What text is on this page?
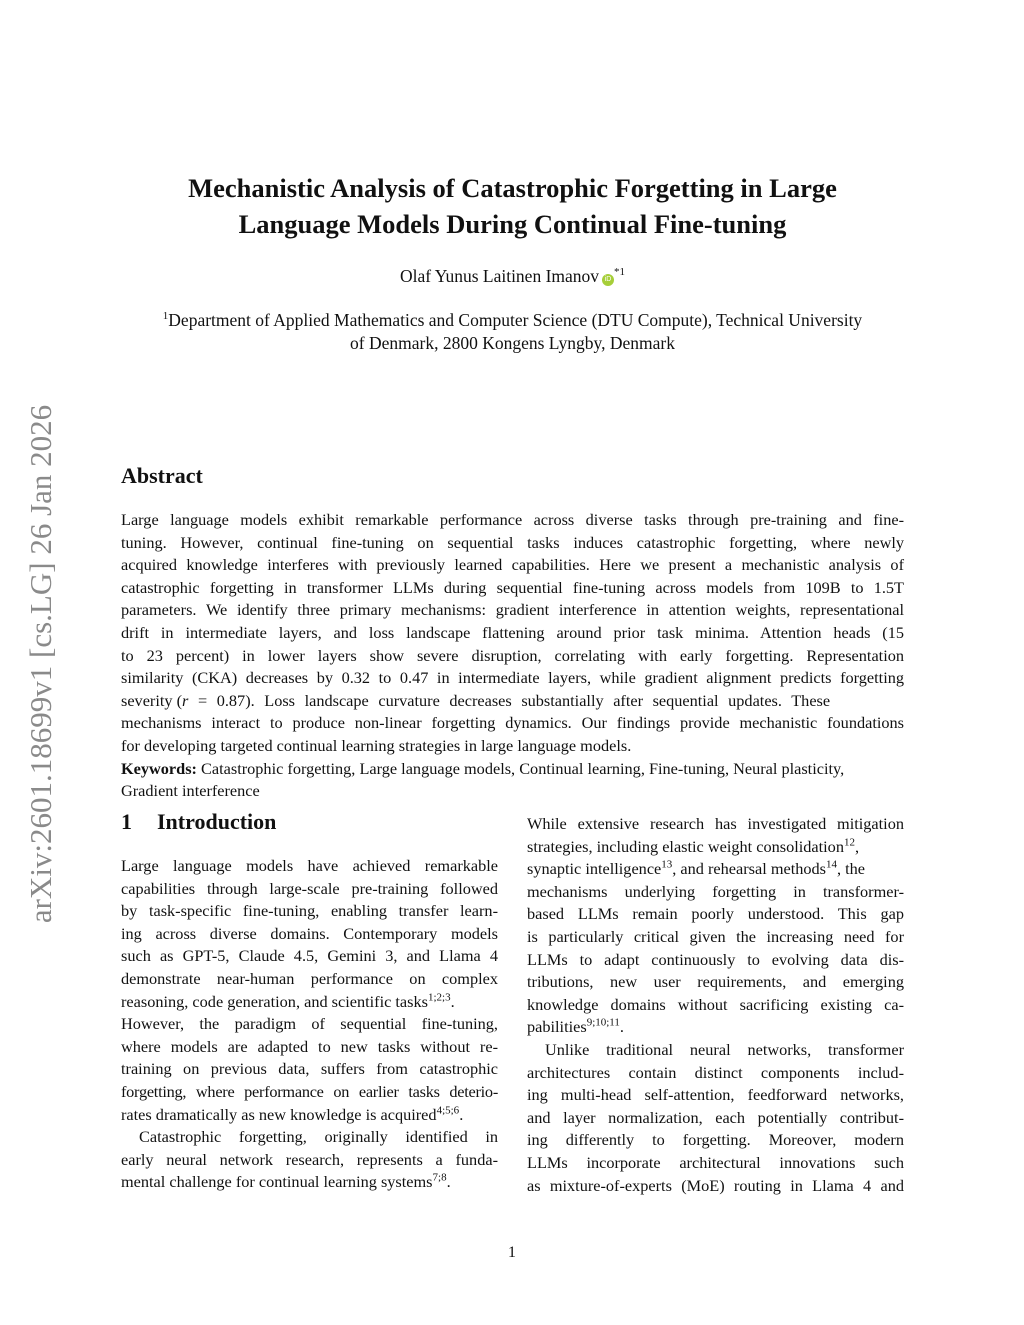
arXiv:2601.18699v1 [cs.LG] 26 Jan 2026
Mechanistic Analysis of Catastrophic Forgetting in Large
Language Models During Continual Fine-tuning
Olaf Yunus Laitinen Imanov $iD^{*1}$
$^1$Department of Applied Mathematics and Computer Science (DTU Compute), Technical University
of Denmark, 2800 Kongens Lyngby, Denmark
Abstract
Large language models exhibit remarkable performance across diverse tasks through pre-training and fine-
tuning. However, continual fine-tuning on sequential tasks induces catastrophic forgetting, where newly
acquired knowledge interferes with previously learned capabilities. Here we present a mechanistic analysis of
catastrophic forgetting in transformer LLMs during sequential fine-tuning across models from 109B to 1.5T
parameters. We identify three primary mechanisms: gradient interference in attention weights, representational
drift in intermediate layers, and loss landscape flattening around prior task minima. Attention heads (15
to 23 percent) in lower layers show severe disruption, correlating with early forgetting. Representation
similarity (CKA) decreases by 0.32 to 0.47 in intermediate layers, while gradient alignment predicts forgetting
severity (r = 0.87). Loss landscape curvature decreases substantially after sequential updates. These
mechanisms interact to produce non-linear forgetting dynamics. Our findings provide mechanistic foundations
for developing targeted continual learning strategies in large language models.
Keywords: Catastrophic forgetting, Large language models, Continual learning, Fine-tuning, Neural plasticity,
Gradient interference
1 Introduction
Large language models have achieved remarkable
capabilities through large-scale pre-training followed
by task-specific fine-tuning, enabling transfer learn-
ing across diverse domains. Contemporary models
such as GPT-5, Claude 4.5, Gemini 3, and Llama 4
demonstrate near-human performance on complex
reasoning, code generation, and scientific tasks$^{1;2;3}$.
However, the paradigm of sequential fine-tuning,
where models are adapted to new tasks without re-
training on previous data, suffers from catastrophic
forgetting, where performance on earlier tasks deterio-
rates dramatically as new knowledge is acquired$^{4;5;6}$.
Catastrophic forgetting, originally identified in
early neural network research, represents a funda-
mental challenge for continual learning systems$^{7;8}$.
While extensive research has investigated mitigation
strategies, including elastic weight consolidation$^{12}$,
synaptic intelligence$^{13}$, and rehearsal methods$^{14}$, the
mechanisms underlying forgetting in transformer-
based LLMs remain poorly understood. This gap
is particularly critical given the increasing need for
LLMs to adapt continuously to evolving data dis-
tributions, new user requirements, and emerging
knowledge domains without sacrificing existing ca-
pabilities$^{9;10;11}$.
Unlike traditional neural networks, transformer
architectures contain distinct components includ-
ing multi-head self-attention, feedforward networks,
and layer normalization, each potentially contribut-
ing differently to forgetting. Moreover, modern
LLMs incorporate architectural innovations such
as mixture-of-experts (MoE) routing in Llama 4 and
1
